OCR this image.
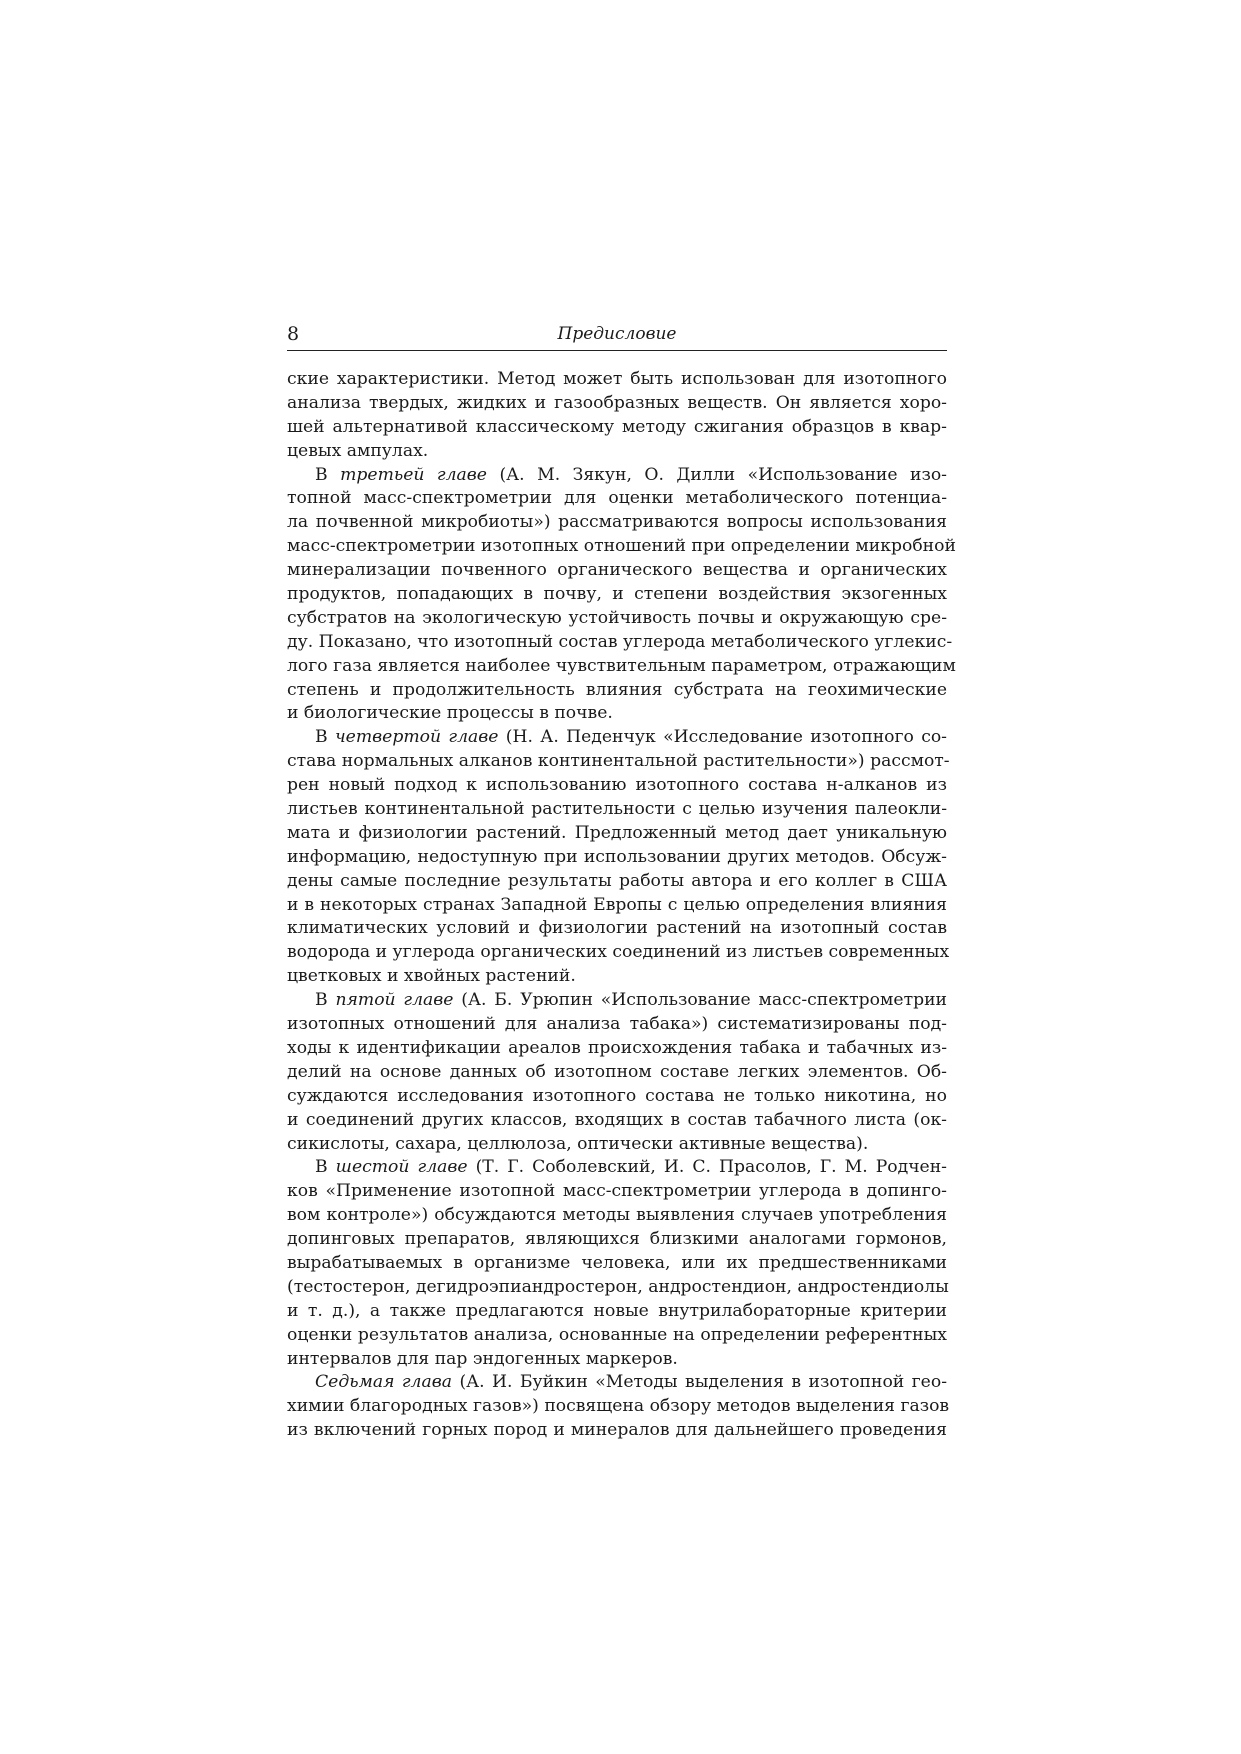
8	Предисловие
ские характеристики. Метод может быть использован для изотопного
анализа твердых, жидких и газообразных веществ. Он является хоро-
шей альтернативой классическому методу сжигания образцов в квар-
цевых ампулах.
В третьей главе (А. М. Зякун, О. Дилли «Использование изо-
топной масс-спектрометрии для оценки метаболического потенциа-
ла почвенной микробиоты») рассматриваются вопросы использования
масс-спектрометрии изотопных отношений при определении микробной
минерализации почвенного органического вещества и органических
продуктов, попадающих в почву, и степени воздействия экзогенных
субстратов на экологическую устойчивость почвы и окружающую сре-
ду. Показано, что изотопный состав углерода метаболического углекис-
лого газа является наиболее чувствительным параметром, отражающим
степень и продолжительность влияния субстрата на геохимические
и биологические процессы в почве.
В четвертой главе (Н. А. Педенчук «Исследование изотопного со-
става нормальных алканов континентальной растительности») рассмот-
рен новый подход к использованию изотопного состава н-алканов из
листьев континентальной растительности с целью изучения палеокли-
мата и физиологии растений. Предложенный метод дает уникальную
информацию, недоступную при использовании других методов. Обсуж-
дены самые последние результаты работы автора и его коллег в США
и в некоторых странах Западной Европы с целью определения влияния
климатических условий и физиологии растений на изотопный состав
водорода и углерода органических соединений из листьев современных
цветковых и хвойных растений.
В пятой главе (А. Б. Урюпин «Использование масс-спектрометрии
изотопных отношений для анализа табака») систематизированы под-
ходы к идентификации ареалов происхождения табака и табачных из-
делий на основе данных об изотопном составе легких элементов. Об-
суждаются исследования изотопного состава не только никотина, но
и соединений других классов, входящих в состав табачного листа (ок-
сикислоты, сахара, целлюлоза, оптически активные вещества).
В шестой главе (Т. Г. Соболевский, И. С. Прасолов, Г. М. Родчен-
ков «Применение изотопной масс-спектрометрии углерода в допинго-
вом контроле») обсуждаются методы выявления случаев употребления
допинговых препаратов, являющихся близкими аналогами гормонов,
вырабатываемых в организме человека, или их предшественниками
(тестостерон, дегидроэпиандростерон, андростендион, андростендиолы
и т. д.), а также предлагаются новые внутрилабораторные критерии
оценки результатов анализа, основанные на определении референтных
интервалов для пар эндогенных маркеров.
Седьмая глава (А. И. Буйкин «Методы выделения в изотопной гео-
химии благородных газов») посвящена обзору методов выделения газов
из включений горных пород и минералов для дальнейшего проведения
